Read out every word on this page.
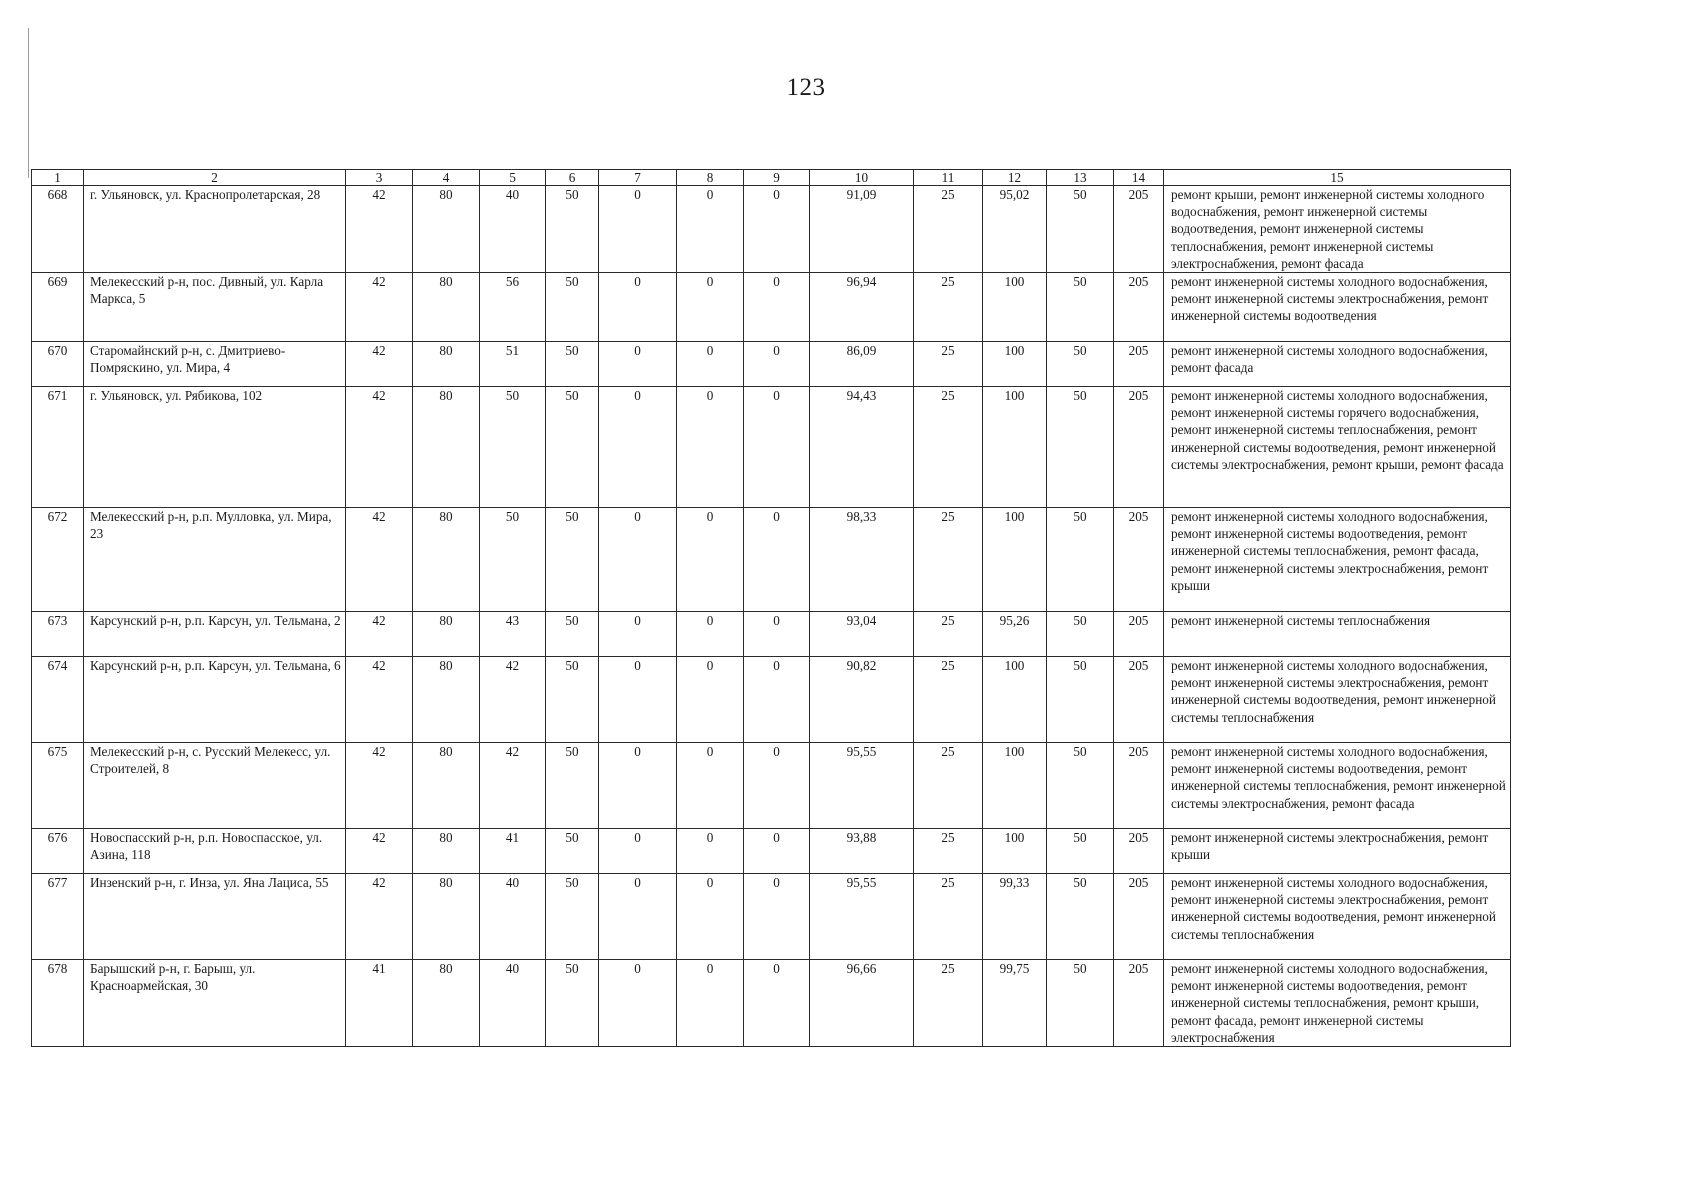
123
1	2	3	4	5	6	7	8	9	10	11	12	13	14	15
668	г. Ульяновск, ул. Краснопролетарская, 28	42	80	40	50	0	0	0	91,09	25	95,02	50	205	ремонт крыши, ремонт инженерной системы холодного водоснабжения, ремонт инженерной системы водоотведения, ремонт инженерной системы теплоснабжения, ремонт инженерной системы электроснабжения, ремонт фасада
669	Мелекесский р-н, пос. Дивный, ул. Карла Маркса, 5	42	80	56	50	0	0	0	96,94	25	100	50	205	ремонт инженерной системы холодного водоснабжения, ремонт инженерной системы электроснабжения, ремонт инженерной системы водоотведения
670	Старомайнский р-н, с. Дмитриево-Помряскино, ул. Мира, 4	42	80	51	50	0	0	0	86,09	25	100	50	205	ремонт инженерной системы холодного водоснабжения, ремонт фасада
671	г. Ульяновск, ул. Рябикова, 102	42	80	50	50	0	0	0	94,43	25	100	50	205	ремонт инженерной системы холодного водоснабжения, ремонт инженерной системы горячего водоснабжения, ремонт инженерной системы теплоснабжения, ремонт инженерной системы водоотведения, ремонт инженерной системы электроснабжения, ремонт крыши, ремонт фасада
672	Мелекесский р-н, р.п. Мулловка, ул. Мира, 23	42	80	50	50	0	0	0	98,33	25	100	50	205	ремонт инженерной системы холодного водоснабжения, ремонт инженерной системы водоотведения, ремонт инженерной системы теплоснабжения, ремонт фасада, ремонт инженерной системы электроснабжения, ремонт крыши
673	Карсунский р-н, р.п. Карсун, ул. Тельмана, 2	42	80	43	50	0	0	0	93,04	25	95,26	50	205	ремонт инженерной системы теплоснабжения
674	Карсунский р-н, р.п. Карсун, ул. Тельмана, 6	42	80	42	50	0	0	0	90,82	25	100	50	205	ремонт инженерной системы холодного водоснабжения, ремонт инженерной системы электроснабжения, ремонт инженерной системы водоотведения, ремонт инженерной системы теплоснабжения
675	Мелекесский р-н, с. Русский Мелекесс, ул. Строителей, 8	42	80	42	50	0	0	0	95,55	25	100	50	205	ремонт инженерной системы холодного водоснабжения, ремонт инженерной системы водоотведения, ремонт инженерной системы теплоснабжения, ремонт инженерной системы электроснабжения, ремонт фасада
676	Новоспасский р-н, р.п. Новоспасское, ул. Азина, 118	42	80	41	50	0	0	0	93,88	25	100	50	205	ремонт инженерной системы электроснабжения, ремонт крыши
677	Инзенский р-н, г. Инза, ул. Яна Лациса, 55	42	80	40	50	0	0	0	95,55	25	99,33	50	205	ремонт инженерной системы холодного водоснабжения, ремонт инженерной системы электроснабжения, ремонт инженерной системы водоотведения, ремонт инженерной системы теплоснабжения
678	Барышский р-н, г. Барыш, ул. Красноармейская, 30	41	80	40	50	0	0	0	96,66	25	99,75	50	205	ремонт инженерной системы холодного водоснабжения, ремонт инженерной системы водоотведения, ремонт инженерной системы теплоснабжения, ремонт крыши, ремонт фасада, ремонт инженерной системы электроснабжения
